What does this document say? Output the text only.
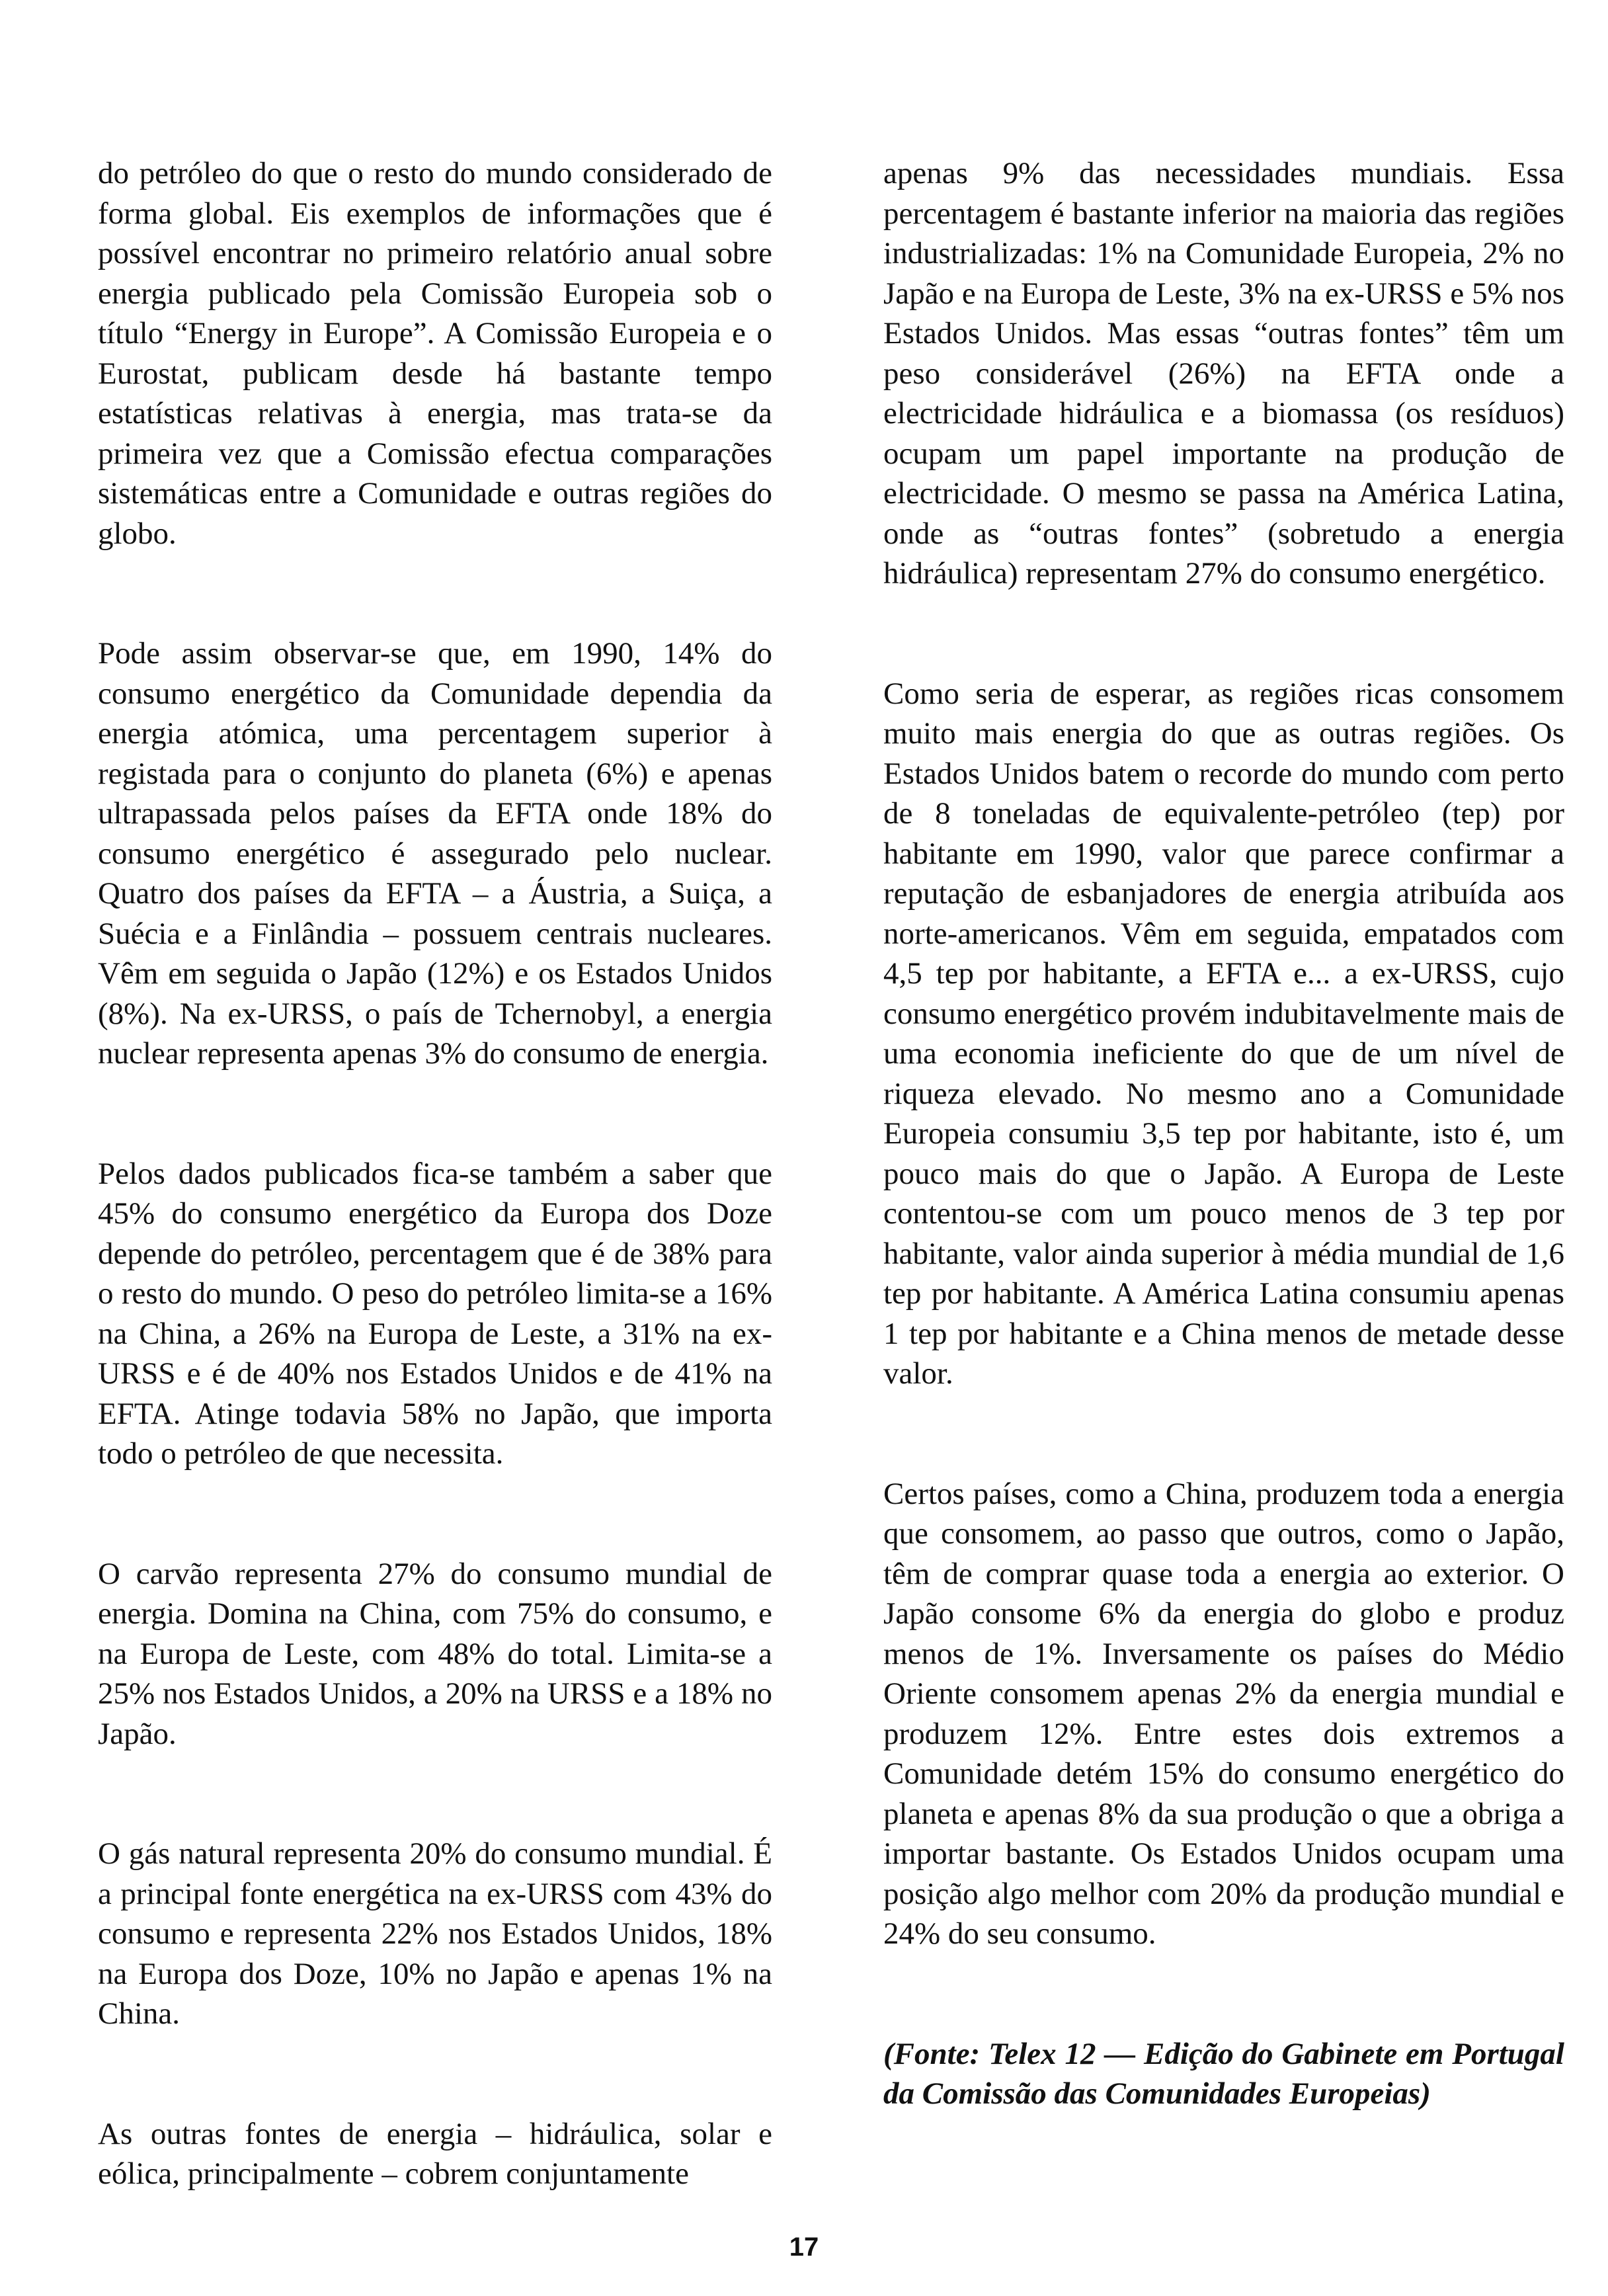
do petróleo do que o resto do mundo considerado de forma global. Eis exemplos de informações que é possível encontrar no primeiro relatório anual sobre energia publicado pela Comissão Europeia sob o título “Energy in Europe”. A Comissão Europeia e o Eurostat, publicam desde há bastante tempo estatísticas relativas à energia, mas trata-se da primeira vez que a Comissão efectua comparações sistemáticas entre a Comunidade e outras regiões do globo.

Pode assim observar-se que, em 1990, 14% do consumo energético da Comunidade dependia da energia atómica, uma percentagem superior à registada para o conjunto do planeta (6%) e apenas ultrapassada pelos países da EFTA onde 18% do consumo energético é assegurado pelo nuclear. Quatro dos países da EFTA – a Áustria, a Suiça, a Suécia e a Finlândia – possuem centrais nucleares. Vêm em seguida o Japão (12%) e os Estados Unidos (8%). Na ex-URSS, o país de Tchernobyl, a energia nuclear representa apenas 3% do consumo de energia.

Pelos dados publicados fica-se também a saber que 45% do consumo energético da Europa dos Doze depende do petróleo, percentagem que é de 38% para o resto do mundo. O peso do petróleo limita-se a 16% na China, a 26% na Europa de Leste, a 31% na ex-URSS e é de 40% nos Estados Unidos e de 41% na EFTA. Atinge todavia 58% no Japão, que importa todo o petróleo de que necessita.

O carvão representa 27% do consumo mundial de energia. Domina na China, com 75% do consumo, e na Europa de Leste, com 48% do total. Limita-se a 25% nos Estados Unidos, a 20% na URSS e a 18% no Japão.

O gás natural representa 20% do consumo mundial. É a principal fonte energética na ex-URSS com 43% do consumo e representa 22% nos Estados Unidos, 18% na Europa dos Doze, 10% no Japão e apenas 1% na China.

As outras fontes de energia – hidráulica, solar e eólica, principalmente – cobrem conjuntamente

apenas 9% das necessidades mundiais. Essa percentagem é bastante inferior na maioria das regiões industrializadas: 1% na Comunidade Europeia, 2% no Japão e na Europa de Leste, 3% na ex-URSS e 5% nos Estados Unidos. Mas essas “outras fontes” têm um peso considerável (26%) na EFTA onde a electricidade hidráulica e a biomassa (os resíduos) ocupam um papel importante na produção de electricidade. O mesmo se passa na América Latina, onde as “outras fontes” (sobretudo a energia hidráulica) representam 27% do consumo energético.

Como seria de esperar, as regiões ricas consomem muito mais energia do que as outras regiões. Os Estados Unidos batem o recorde do mundo com perto de 8 toneladas de equivalente-petróleo (tep) por habitante em 1990, valor que parece confirmar a reputação de esbanjadores de energia atribuída aos norte-americanos. Vêm em seguida, empatados com 4,5 tep por habitante, a EFTA e... a ex-URSS, cujo consumo energético provém indubitavelmente mais de uma economia ineficiente do que de um nível de riqueza elevado. No mesmo ano a Comunidade Europeia consumiu 3,5 tep por habitante, isto é, um pouco mais do que o Japão. A Europa de Leste contentou-se com um pouco menos de 3 tep por habitante, valor ainda superior à média mundial de 1,6 tep por habitante. A América Latina consumiu apenas 1 tep por habitante e a China menos de metade desse valor.

Certos países, como a China, produzem toda a energia que consomem, ao passo que outros, como o Japão, têm de comprar quase toda a energia ao exterior. O Japão consome 6% da energia do globo e produz menos de 1%. Inversamente os países do Médio Oriente consomem apenas 2% da energia mundial e produzem 12%. Entre estes dois extremos a Comunidade detém 15% do consumo energético do planeta e apenas 8% da sua produção o que a obriga a importar bastante. Os Estados Unidos ocupam uma posição algo melhor com 20% da produção mundial e 24% do seu consumo.

(Fonte: Telex 12 — Edição do Gabinete em Portugal da Comissão das Comunidades Europeias)

17
